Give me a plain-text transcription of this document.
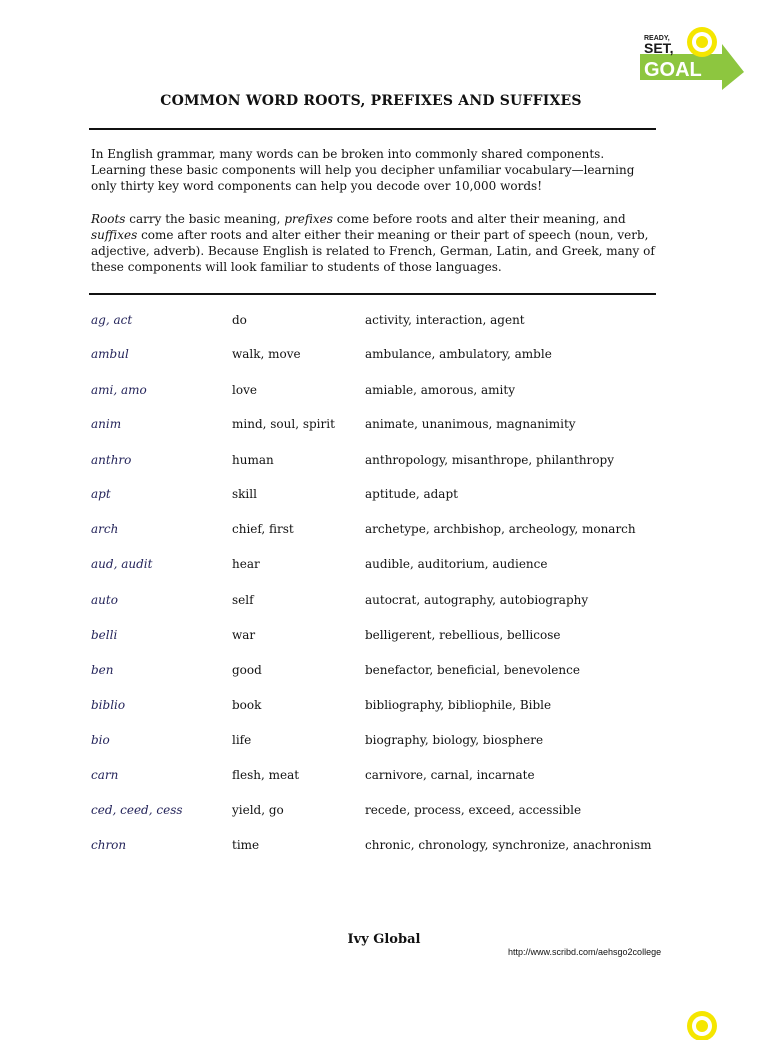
READY,
SET,
GOAL
COMMON WORD ROOTS, PREFIXES AND SUFFIXES
In English grammar, many words can be broken into commonly shared components. Learning these basic components will help you decipher unfamiliar vocabulary—learning only thirty key word components can help you decode over 10,000 words!
Roots carry the basic meaning, prefixes come before roots and alter their meaning, and suffixes come after roots and alter either their meaning or their part of speech (noun, verb, adjective, adverb). Because English is related to French, German, Latin, and Greek, many of these components will look familiar to students of those languages.
ag, act	do	activity, interaction, agent
ambul	walk, move	ambulance, ambulatory, amble
ami, amo	love	amiable, amorous, amity
anim	mind, soul, spirit	animate, unanimous, magnanimity
anthro	human	anthropology, misanthrope, philanthropy
apt	skill	aptitude, adapt
arch	chief, first	archetype, archbishop, archeology, monarch
aud, audit	hear	audible, auditorium, audience
auto	self	autocrat, autography, autobiography
belli	war	belligerent, rebellious, bellicose
ben	good	benefactor, beneficial, benevolence
biblio	book	bibliography, bibliophile, Bible
bio	life	biography, biology, biosphere
carn	flesh, meat	carnivore, carnal, incarnate
ced, ceed, cess	yield, go	recede, process, exceed, accessible
chron	time	chronic, chronology, synchronize, anachronism
Ivy Global
http://www.scribd.com/aehsgo2college
